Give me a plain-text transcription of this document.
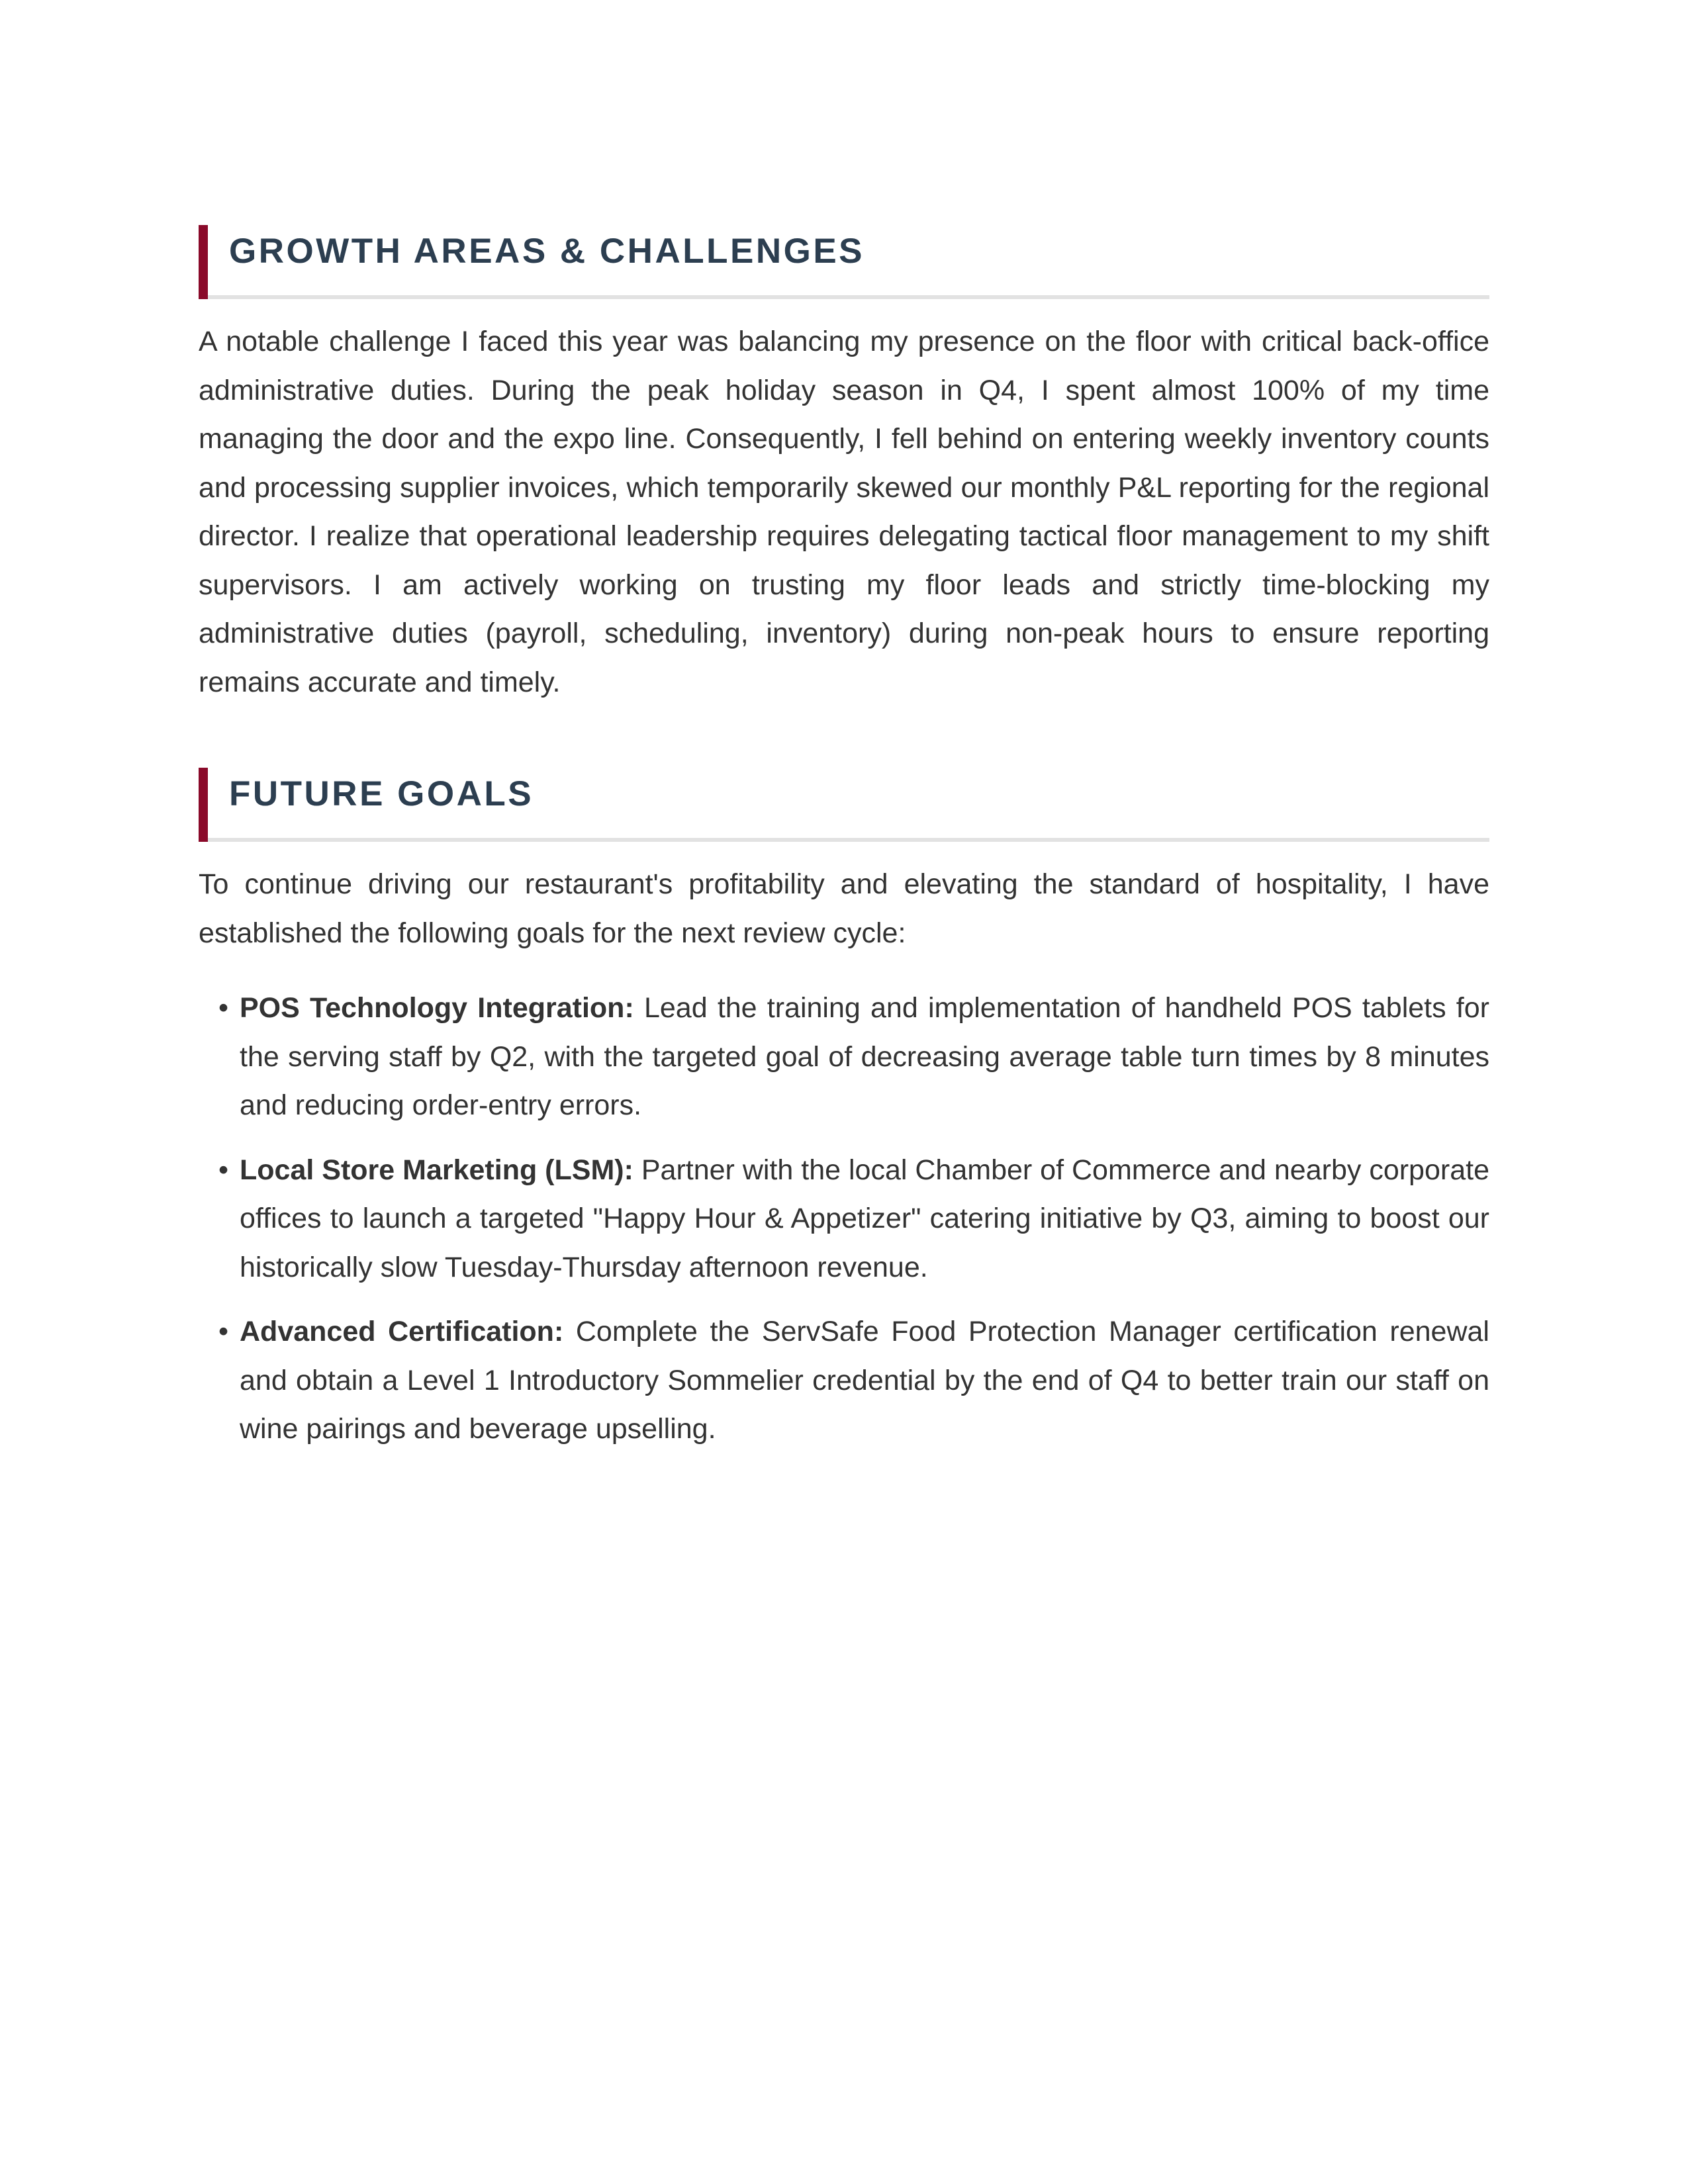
GROWTH AREAS & CHALLENGES

A notable challenge I faced this year was balancing my presence on the floor with critical back-office administrative duties. During the peak holiday season in Q4, I spent almost 100% of my time managing the door and the expo line. Consequently, I fell behind on entering weekly inventory counts and processing supplier invoices, which temporarily skewed our monthly P&L reporting for the regional director. I realize that operational leadership requires delegating tactical floor management to my shift supervisors. I am actively working on trusting my floor leads and strictly time-blocking my administrative duties (payroll, scheduling, inventory) during non-peak hours to ensure reporting remains accurate and timely.

FUTURE GOALS

To continue driving our restaurant's profitability and elevating the standard of hospitality, I have established the following goals for the next review cycle:

• POS Technology Integration: Lead the training and implementation of handheld POS tablets for the serving staff by Q2, with the targeted goal of decreasing average table turn times by 8 minutes and reducing order-entry errors.
• Local Store Marketing (LSM): Partner with the local Chamber of Commerce and nearby corporate offices to launch a targeted "Happy Hour & Appetizer" catering initiative by Q3, aiming to boost our historically slow Tuesday-Thursday afternoon revenue.
• Advanced Certification: Complete the ServSafe Food Protection Manager certification renewal and obtain a Level 1 Introductory Sommelier credential by the end of Q4 to better train our staff on wine pairings and beverage upselling.
